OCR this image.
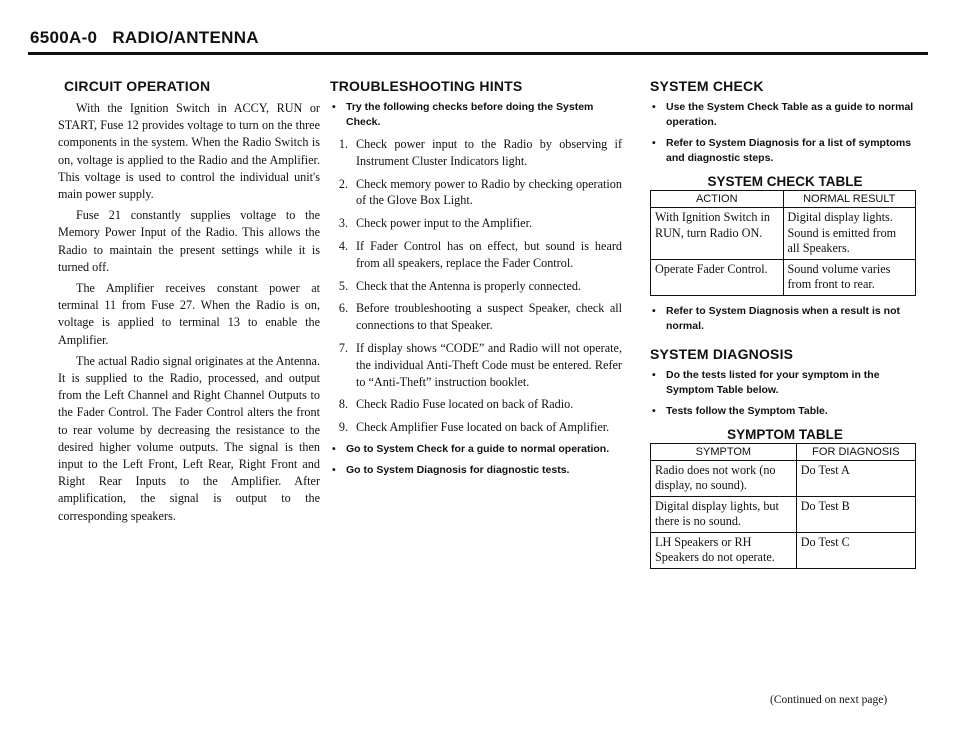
6500A-0 RADIO/ANTENNA
CIRCUIT OPERATION

With the Ignition Switch in ACCY, RUN or START, Fuse 12 provides voltage to turn on the three components in the system. When the Radio Switch is on, voltage is applied to the Radio and the Amplifier. This voltage is used to control the individual unit's main power supply.

Fuse 21 constantly supplies voltage to the Memory Power Input of the Radio. This allows the Radio to maintain the present settings while it is turned off.

The Amplifier receives constant power at terminal 11 from Fuse 27. When the Radio is on, voltage is applied to terminal 13 to enable the Amplifier.

The actual Radio signal originates at the Antenna. It is supplied to the Radio, processed, and output from the Left Channel and Right Channel Outputs to the Fader Control. The Fader Control alters the front to rear volume by decreasing the resistance to the desired higher volume outputs. The signal is then input to the Left Front, Left Rear, Right Front and Right Rear Inputs to the Amplifier. After amplification, the signal is output to the corresponding speakers.

TROUBLESHOOTING HINTS
• Try the following checks before doing the System Check.
1. Check power input to the Radio by observing if Instrument Cluster Indicators light.
2. Check memory power to Radio by checking operation of the Glove Box Light.
3. Check power input to the Amplifier.
4. If Fader Control has on effect, but sound is heard from all speakers, replace the Fader Control.
5. Check that the Antenna is properly connected.
6. Before troubleshooting a suspect Speaker, check all connections to that Speaker.
7. If display shows “CODE” and Radio will not operate, the individual Anti-Theft Code must be entered. Refer to “Anti-Theft” instruction booklet.
8. Check Radio Fuse located on back of Radio.
9. Check Amplifier Fuse located on back of Amplifier.
• Go to System Check for a guide to normal operation.
• Go to System Diagnosis for diagnostic tests.
SYSTEM CHECK
• Use the System Check Table as a guide to normal operation.
• Refer to System Diagnosis for a list of symptoms and diagnostic steps.
SYSTEM CHECK TABLE
ACTION	NORMAL RESULT
With Ignition Switch in RUN, turn Radio ON.	Digital display lights. Sound is emitted from all Speakers.
Operate Fader Control.	Sound volume varies from front to rear.
• Refer to System Diagnosis when a result is not normal.
SYSTEM DIAGNOSIS
• Do the tests listed for your symptom in the Symptom Table below.
• Tests follow the Symptom Table.
SYMPTOM TABLE
SYMPTOM	FOR DIAGNOSIS
Radio does not work (no display, no sound).	Do Test A
Digital display lights, but there is no sound.	Do Test B
LH Speakers or RH Speakers do not operate.	Do Test C
(Continued on next page)
